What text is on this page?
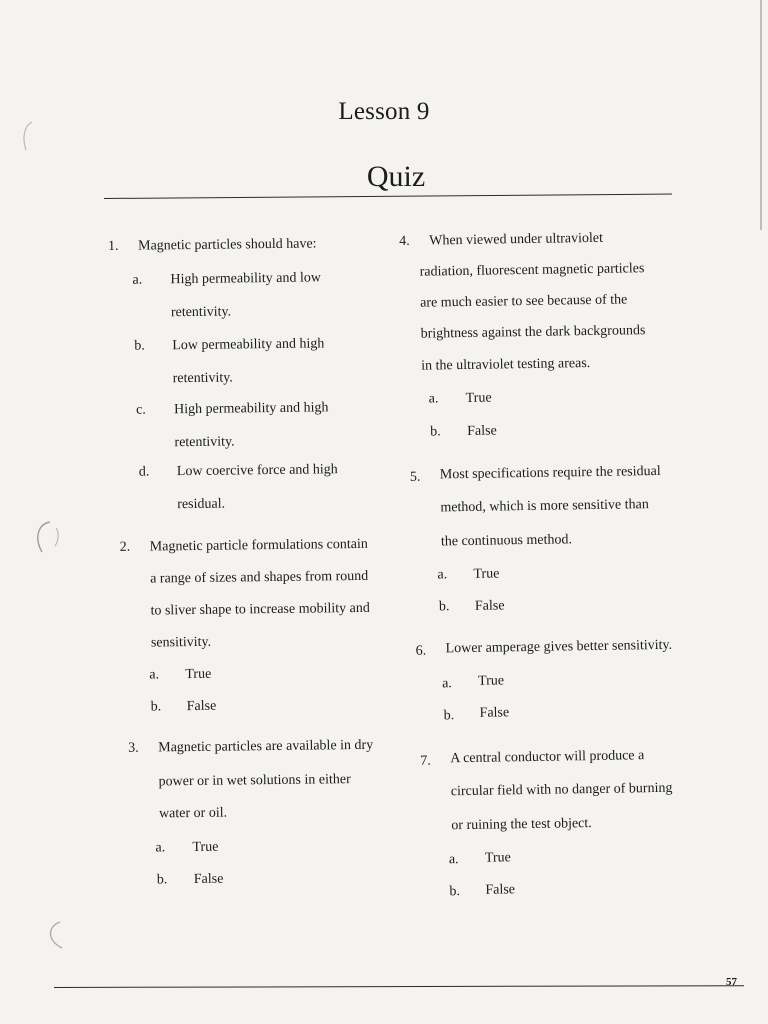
Lesson 9
Quiz
1. Magnetic particles should have:
a. High permeability and low
retentivity.
b. Low permeability and high
retentivity.
c. High permeability and high
retentivity.
d. Low coercive force and high
residual.
2. Magnetic particle formulations contain
a range of sizes and shapes from round
to sliver shape to increase mobility and
sensitivity.
a. True
b. False
3. Magnetic particles are available in dry
power or in wet solutions in either
water or oil.
a. True
b. False
4. When viewed under ultraviolet
radiation, fluorescent magnetic particles
are much easier to see because of the
brightness against the dark backgrounds
in the ultraviolet testing areas.
a. True
b. False
5. Most specifications require the residual
method, which is more sensitive than
the continuous method.
a. True
b. False
6. Lower amperage gives better sensitivity.
a. True
b. False
7. A central conductor will produce a
circular field with no danger of burning
or ruining the test object.
a. True
b. False
57
